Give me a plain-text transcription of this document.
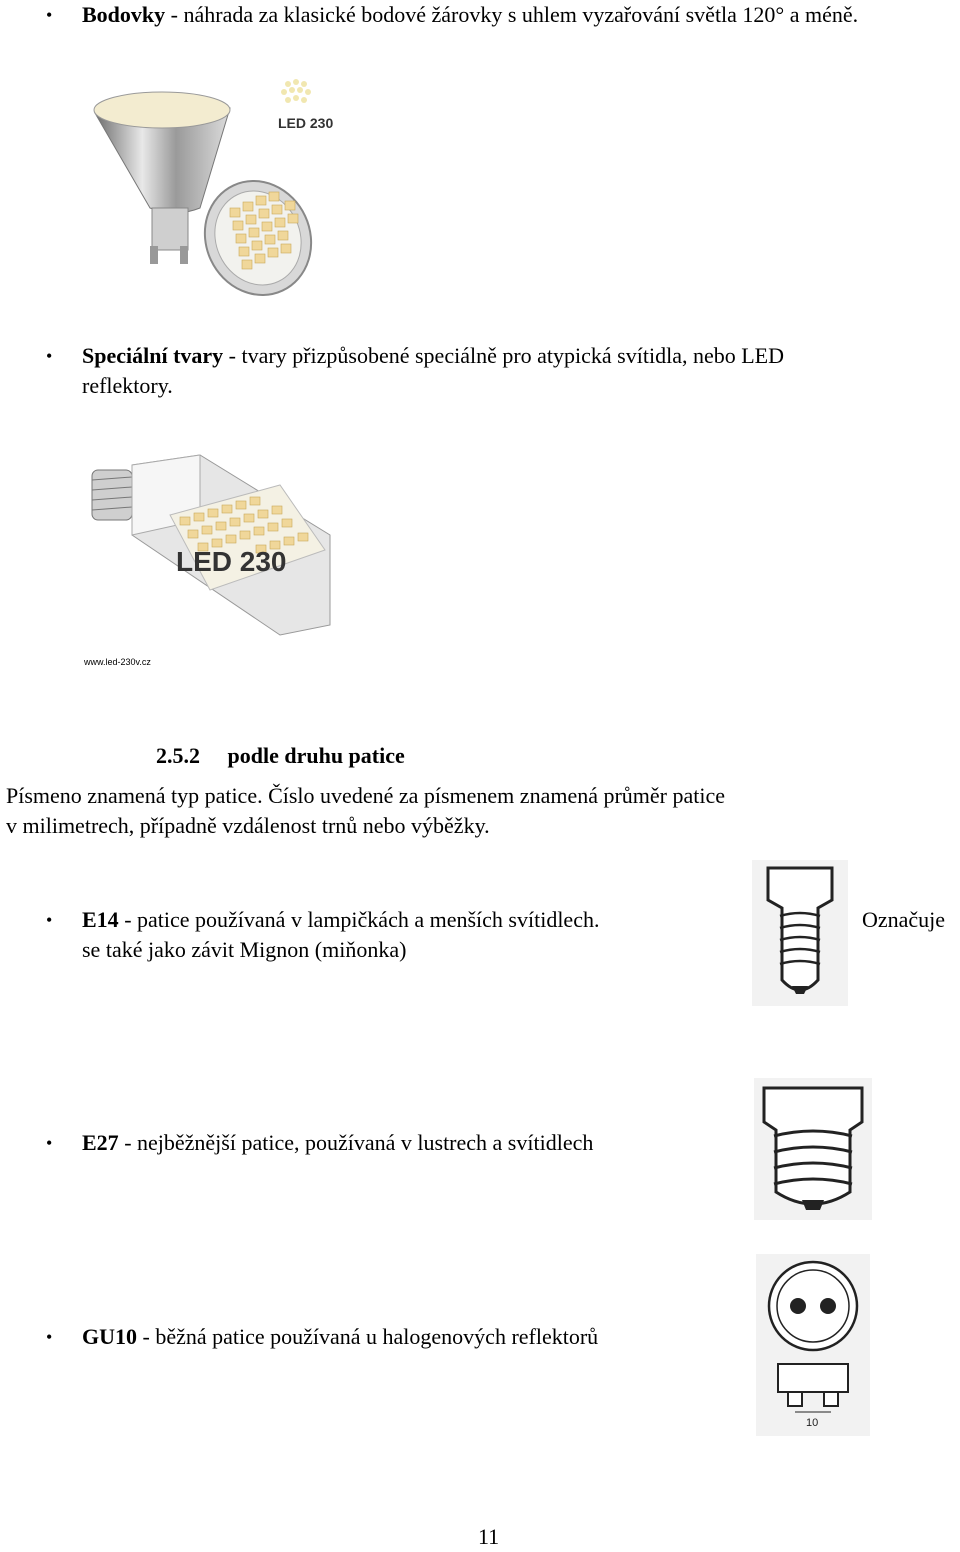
•
Bodovky - náhrada za klasické bodové žárovky s uhlem vyzařování světla 120° a méně.
LED 230
•
Speciální tvary - tvary přizpůsobené speciálně pro atypická svítidla, nebo LED
reflektory.
LED 230
www.led-230v.cz
2.5.2 podle druhu patice
Písmeno znamená typ patice. Číslo uvedené za písmenem znamená průměr patice
v milimetrech, případně vzdálenost trnů nebo výběžky.
•
E14 - patice používaná v lampičkách a menších svítidlech.
se také jako závit Mignon (miňonka)
Označuje
•
E27 - nejběžnější patice, používaná v lustrech a svítidlech
•
GU10 - běžná patice používaná u halogenových reflektorů
10
11
